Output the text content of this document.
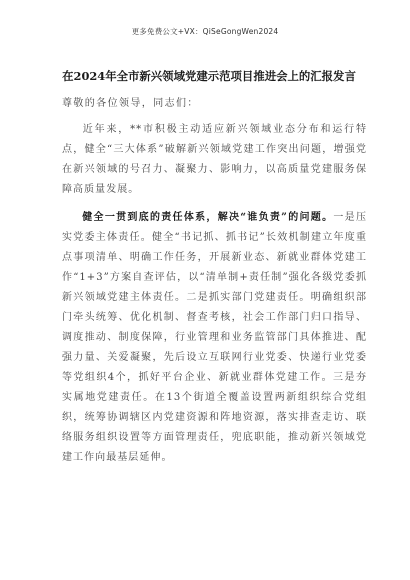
更多免费公文+VX：QiSeGongWen2024
在2024年全市新兴领域党建示范项目推进会上的汇报发言
尊敬的各位领导，同志们：
近年来，**市积极主动适应新兴领域业态分布和运行特点，健全“三大体系”破解新兴领域党建工作突出问题，增强党在新兴领域的号召力、凝聚力、影响力，以高质量党建服务保障高质量发展。
健全一贯到底的责任体系，解决“谁负责”的问题。一是压实党委主体责任。健全“书记抓、抓书记”长效机制建立年度重点事项清单、明确工作任务，开展新业态、新就业群体党建工作“1+3”方案自查评估，以“清单制+责任制”强化各级党委抓新兴领域党建主体责任。二是抓实部门党建责任。明确组织部门牵头统筹、优化机制、督查考核，社会工作部门归口指导、调度推动、制度保障，行业管理和业务监管部门具体推进、配强力量、关爱凝聚，先后设立互联网行业党委、快递行业党委等党组织4个，抓好平台企业、新就业群体党建工作。三是夯实属地党建责任。在13个街道全覆盖设置两新组织综合党组织，统筹协调辖区内党建资源和阵地资源，落实排查走访、联络服务组织设置等方面管理责任，兜底职能，推动新兴领域党建工作向最基层延伸。
